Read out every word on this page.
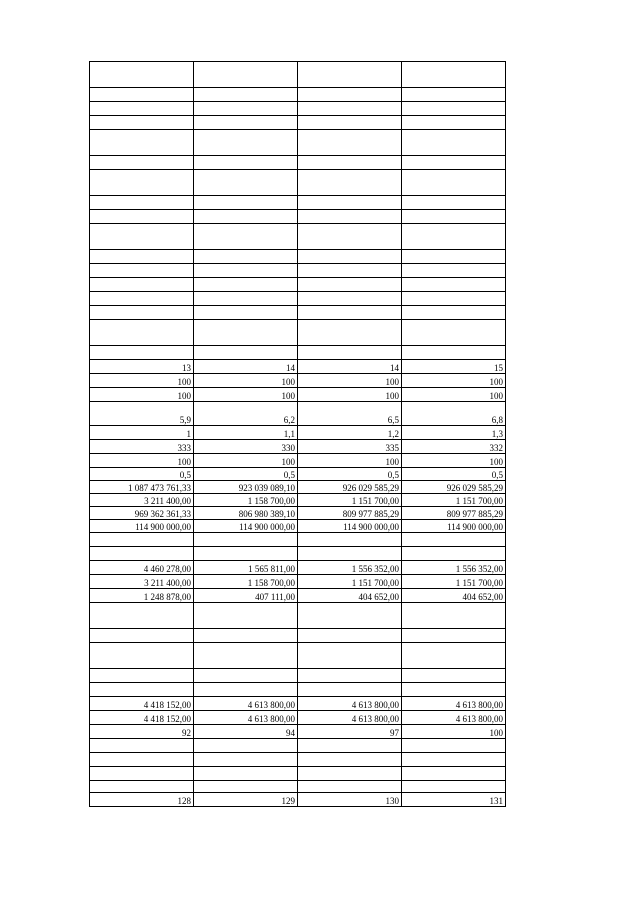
13	14	14	15
100	100	100	100
100	100	100	100
5,9	6,2	6,5	6,8
1	1,1	1,2	1,3
333	330	335	332
100	100	100	100
0,5	0,5	0,5	0,5
1 087 473 761,33	923 039 089,10	926 029 585,29	926 029 585,29
3 211 400,00	1 158 700,00	1 151 700,00	1 151 700,00
969 362 361,33	806 980 389,10	809 977 885,29	809 977 885,29
114 900 000,00	114 900 000,00	114 900 000,00	114 900 000,00

4 460 278,00	1 565 811,00	1 556 352,00	1 556 352,00
3 211 400,00	1 158 700,00	1 151 700,00	1 151 700,00
1 248 878,00	407 111,00	404 652,00	404 652,00

4 418 152,00	4 613 800,00	4 613 800,00	4 613 800,00
4 418 152,00	4 613 800,00	4 613 800,00	4 613 800,00
92	94	97	100

128	129	130	131
